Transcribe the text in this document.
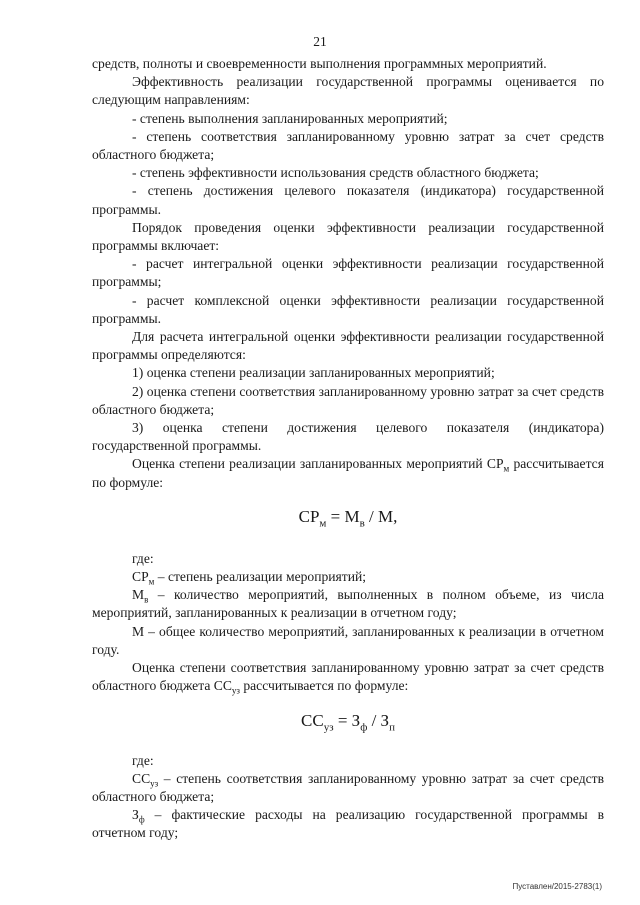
21

средств, полноты и своевременности выполнения программных мероприятий.

Эффективность реализации государственной программы оценивается по следующим направлениям:

- степень выполнения запланированных мероприятий;

- степень соответствия запланированному уровню затрат за счет средств областного бюджета;

- степень эффективности использования средств областного бюджета;

- степень достижения целевого показателя (индикатора) государственной программы.

Порядок проведения оценки эффективности реализации государственной программы включает:

- расчет интегральной оценки эффективности реализации государственной программы;

- расчет комплексной оценки эффективности реализации государственной программы.

Для расчета интегральной оценки эффективности реализации государственной программы определяются:

1) оценка степени реализации запланированных мероприятий;

2) оценка степени соответствия запланированному уровню затрат за счет средств областного бюджета;

3) оценка степени достижения целевого показателя (индикатора) государственной программы.

Оценка степени реализации запланированных мероприятий $СР_м$ рассчитывается по формуле:

$СР_м = М_в / М$,

где:

$СР_м$ – степень реализации мероприятий;

$М_в$ – количество мероприятий, выполненных в полном объеме, из числа мероприятий, запланированных к реализации в отчетном году;

М – общее количество мероприятий, запланированных к реализации в отчетном году.

Оценка степени соответствия запланированному уровню затрат за счет средств областного бюджета $СС_{уз}$ рассчитывается по формуле:

$СС_{уз} = З_ф / З_п$

где:

$СС_{уз}$ – степень соответствия запланированному уровню затрат за счет средств областного бюджета;

$З_ф$ – фактические расходы на реализацию государственной программы в отчетном году;

Пуставлен/2015-2783(1)
